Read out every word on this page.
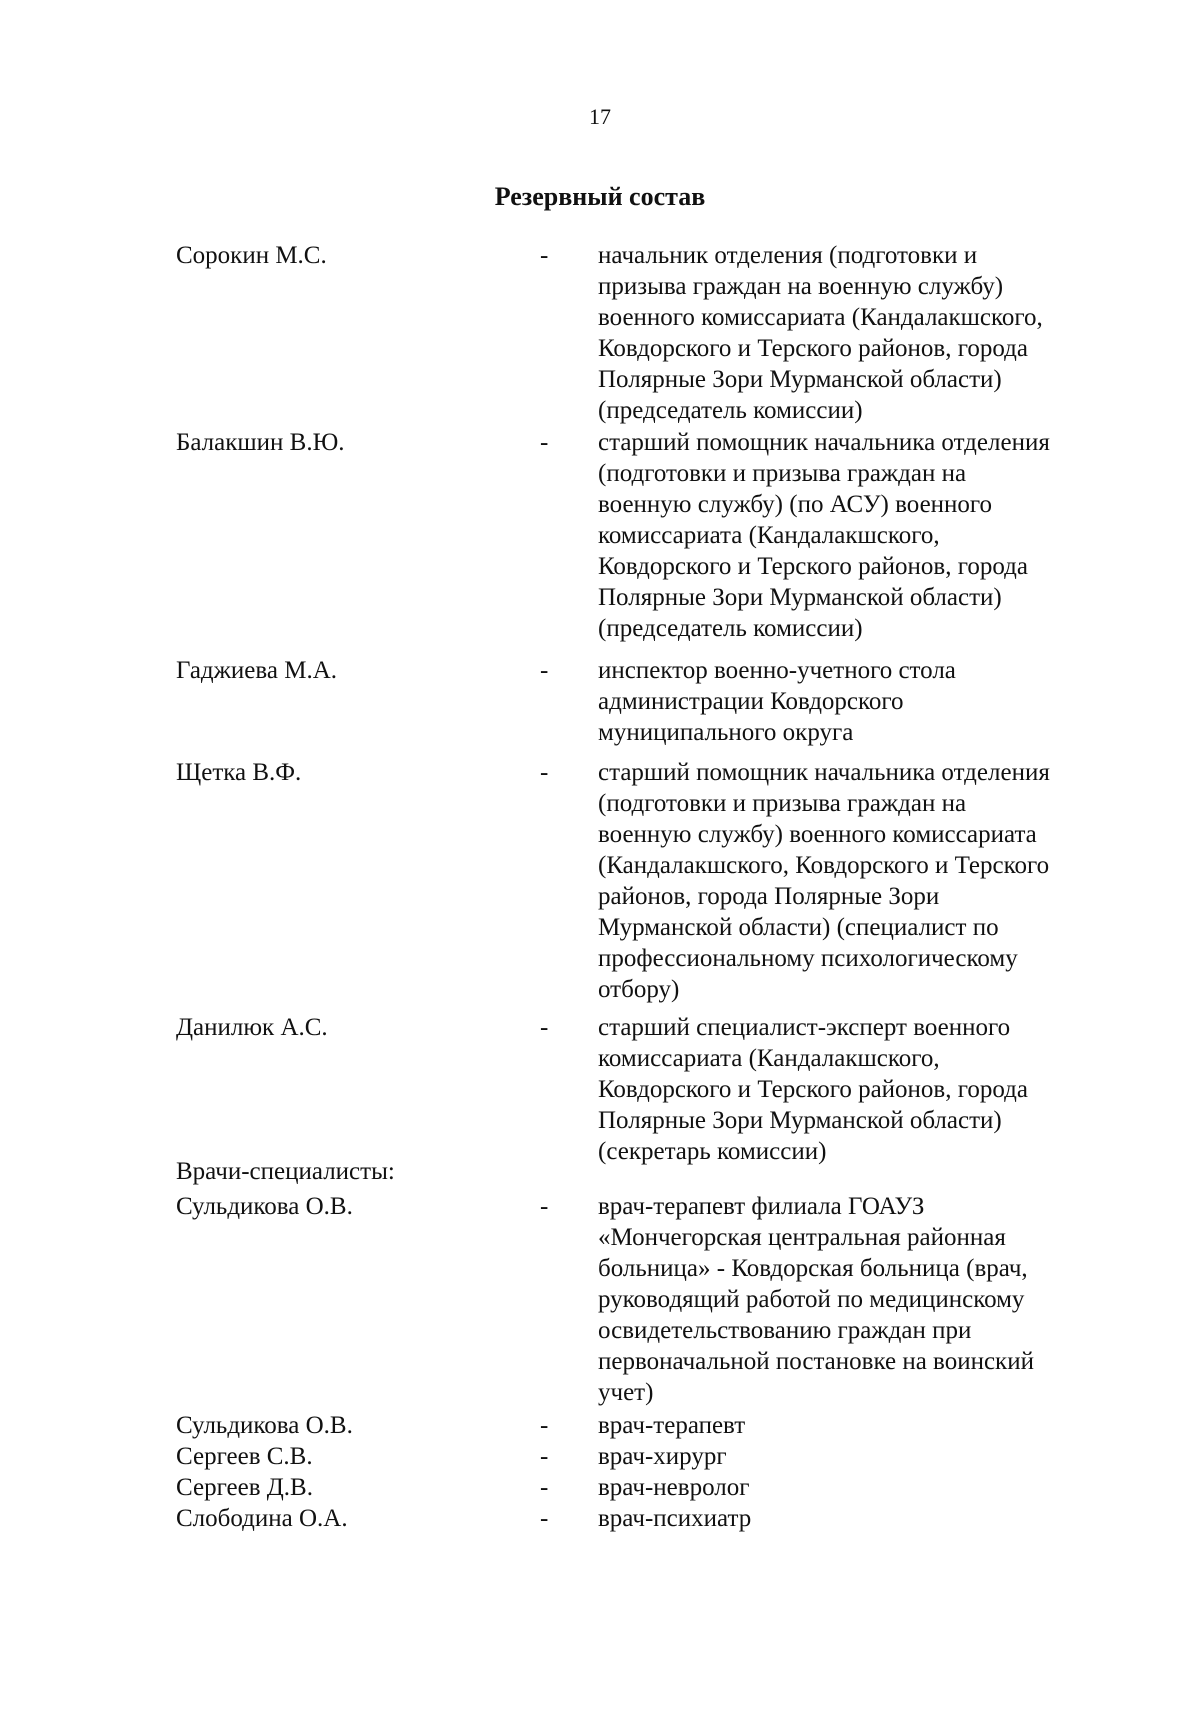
17
Резервный состав
Сорокин М.С.	- начальник отделения (подготовки и
призыва граждан на военную службу)
военного комиссариата (Кандалакшского,
Ковдорского и Терского районов, города
Полярные Зори Мурманской области)
(председатель комиссии)
Балакшин В.Ю.	- старший помощник начальника отделения
(подготовки и призыва граждан на
военную службу) (по АСУ) военного
комиссариата (Кандалакшского,
Ковдорского и Терского районов, города
Полярные Зори Мурманской области)
(председатель комиссии)
Гаджиева М.А.	- инспектор военно-учетного стола
администрации Ковдорского
муниципального округа
Щетка В.Ф.	- старший помощник начальника отделения
(подготовки и призыва граждан на
военную службу) военного комиссариата
(Кандалакшского, Ковдорского и Терского
районов, города Полярные Зори
Мурманской области) (специалист по
профессиональному психологическому
отбору)
Данилюк А.С.	- старший специалист-эксперт военного
комиссариата (Кандалакшского,
Ковдорского и Терского районов, города
Полярные Зори Мурманской области)
(секретарь комиссии)
Врачи-специалисты:
Сульдикова О.В.	- врач-терапевт филиала ГОАУЗ
«Мончегорская центральная районная
больница» - Ковдорская больница (врач,
руководящий работой по медицинскому
освидетельствованию граждан при
первоначальной постановке на воинский
учет)
Сульдикова О.В.	- врач-терапевт
Сергеев С.В.	- врач-хирург
Сергеев Д.В.	- врач-невролог
Слободина О.А.	- врач-психиатр
